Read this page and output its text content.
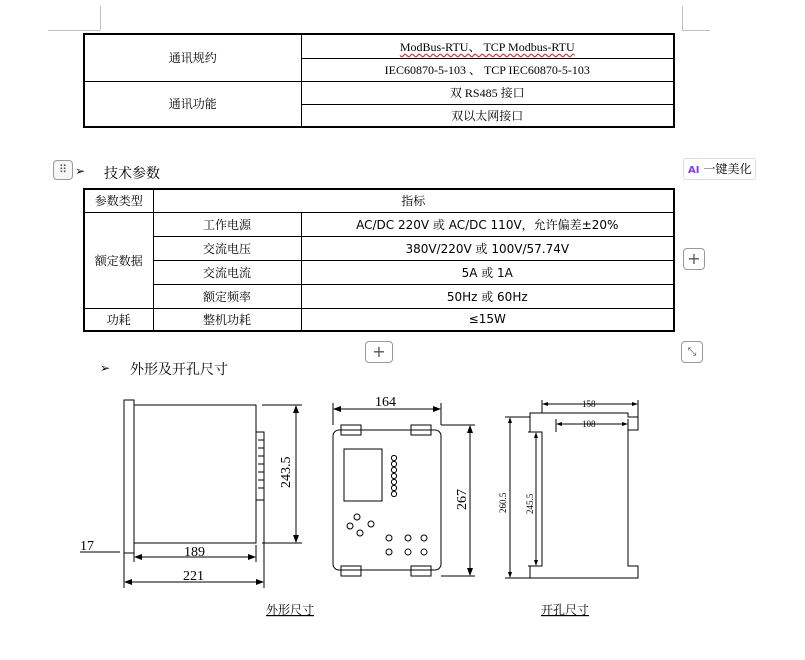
通讯规约	ModBus-RTU、 TCP Modbus-RTU
	IEC60870-5-103 、 TCP IEC60870-5-103
通讯功能	双 RS485 接口
	双以太网接口
⠿ ➢ 技术参数	AI 一键美化
参数类型	指标	
额定数据	工作电源	AC/DC 220V 或 AC/DC 110V，允许偏差±20%
	交流电压	380V/220V 或 100V/57.74V
	交流电流	5A 或 1A
	额定频率	50Hz 或 60Hz
功耗	整机功耗	≤15W
+
+	⤡
➢ 外形及开孔尺寸
243.5
17	189
221
164
267
158
108
260.5 245.5
外形尺寸	开孔尺寸
